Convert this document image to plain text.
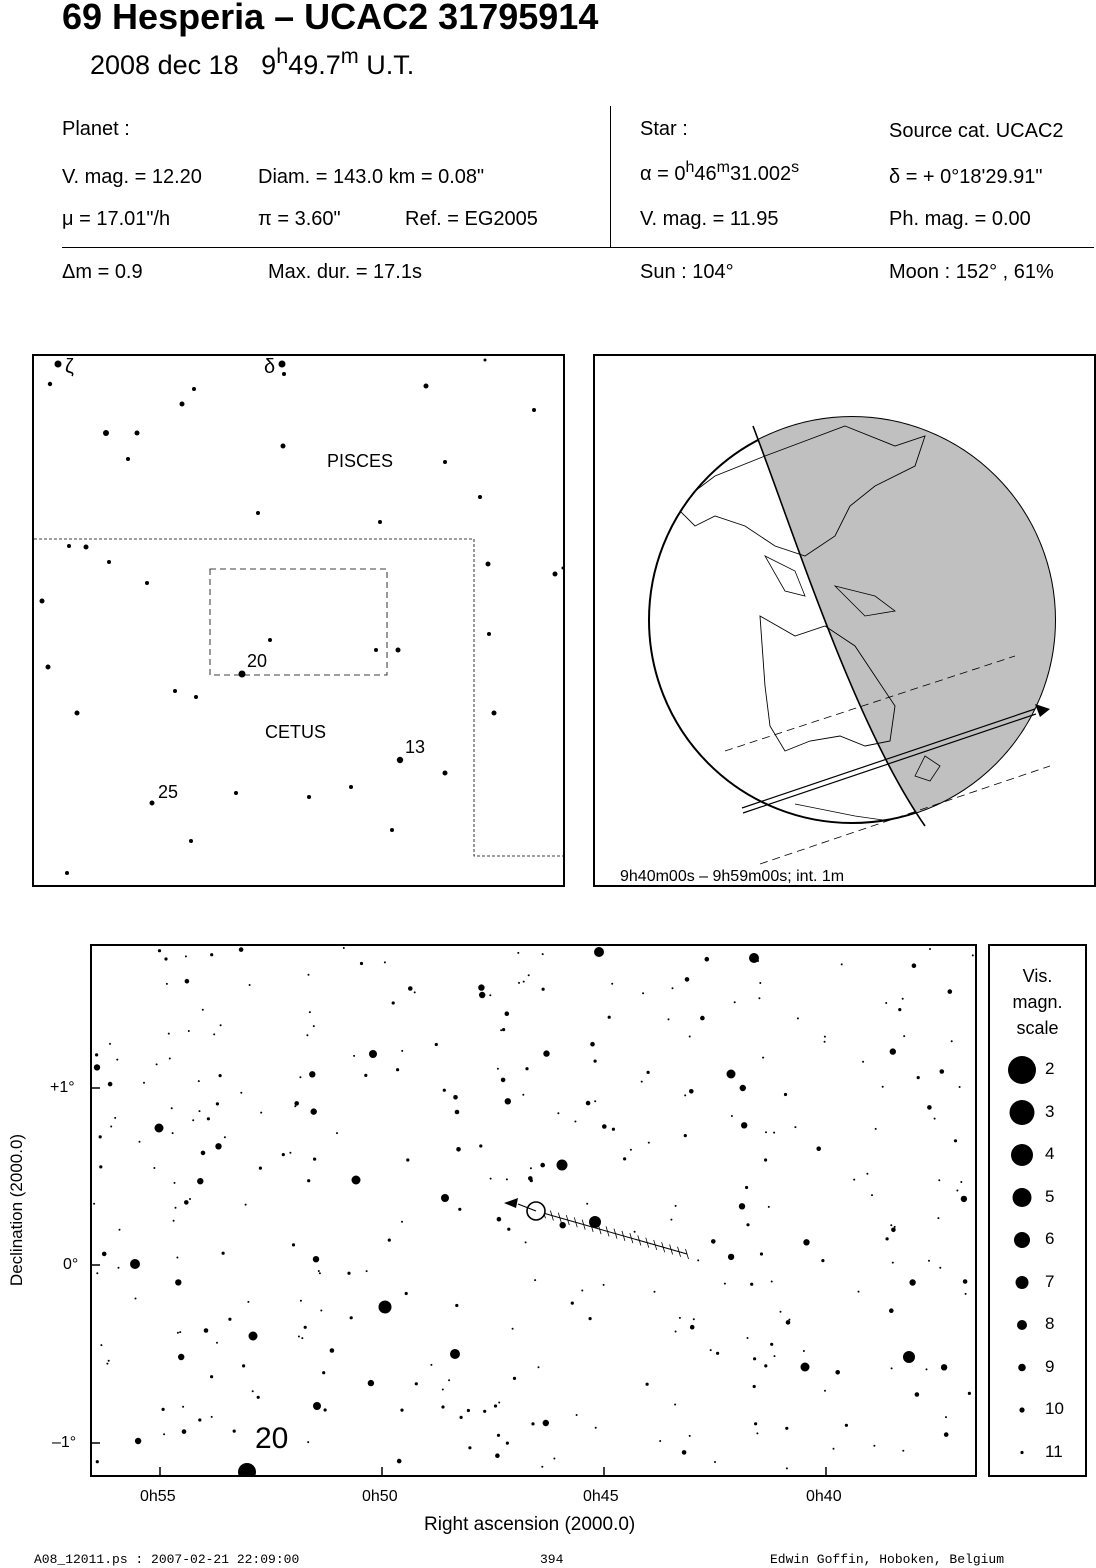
69 Hesperia – UCAC2 31795914
2008 dec 18 9$^h$49.7$^m$ U.T.
Planet :
V. mag. = 12.20	Diam. = 143.0 km = 0.08"
μ = 17.01"/h	π = 3.60"	Ref. = EG2005
Star :	Source cat. UCAC2
$\alpha = 0^h46^m31.002^s$	δ = + 0°18'29.91"
V. mag. = 11.95	Ph. mag. = 0.00
Δm = 0.9	Max. dur. = 17.1s	Sun : 104°	Moon : 152° , 61%
ζ	δ
20
13
25
PISCES
CETUS
9h40m00s – 9h59m00s; int. 1m
20
+1°
0°
–1°
0h55	0h50	0h45	0h40
Right ascension (2000.0)
Declination (2000.0)
Vis.
magn.
scale
2
3
4
5
6
7
8
9
10
11
A08_12011.ps : 2007-02-21 22:09:00	394	Edwin Goffin, Hoboken, Belgium
